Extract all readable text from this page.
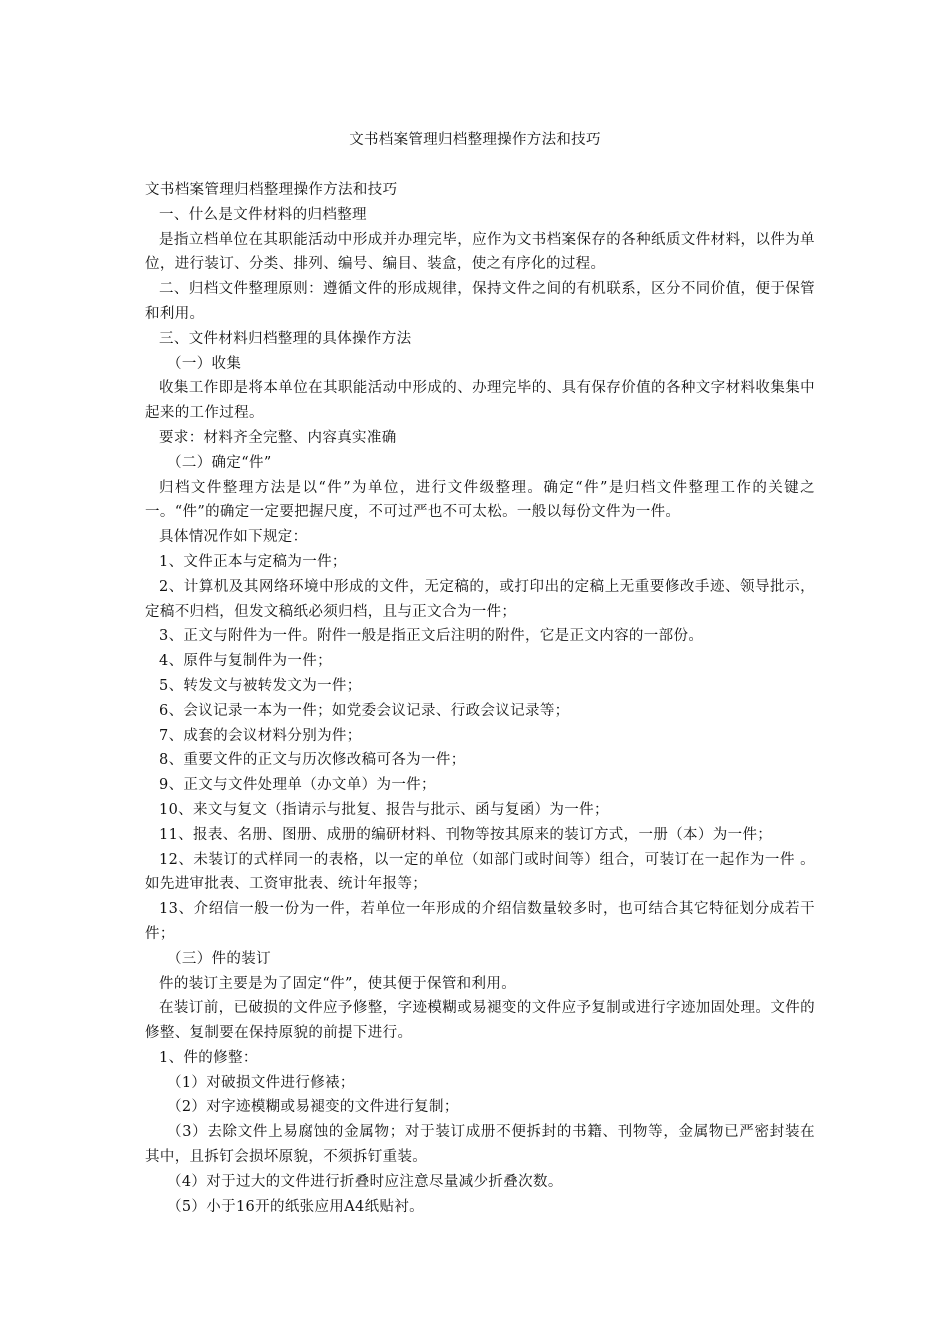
文书档案管理归档整理操作方法和技巧

文书档案管理归档整理操作方法和技巧

一、什么是文件材料的归档整理

是指立档单位在其职能活动中形成并办理完毕，应作为文书档案保存的各种纸质文件材料，以件为单位，进行装订、分类、排列、编号、编目、装盒，使之有序化的过程。

二、归档文件整理原则：遵循文件的形成规律，保持文件之间的有机联系，区分不同价值，便于保管和利用。

三、文件材料归档整理的具体操作方法

（一）收集

收集工作即是将本单位在其职能活动中形成的、办理完毕的、具有保存价值的各种文字材料收集集中起来的工作过程。

要求：材料齐全完整、内容真实准确

（二）确定“件”

归档文件整理方法是以“件”为单位，进行文件级整理。确定“件”是归档文件整理工作的关键之一。“件”的确定一定要把握尺度，不可过严也不可太松。一般以每份文件为一件。

具体情况作如下规定：

1、文件正本与定稿为一件；

2、计算机及其网络环境中形成的文件，无定稿的，或打印出的定稿上无重要修改手迹、领导批示，定稿不归档，但发文稿纸必须归档，且与正文合为一件；

3、正文与附件为一件。附件一般是指正文后注明的附件，它是正文内容的一部份。

4、原件与复制件为一件；

5、转发文与被转发文为一件；

6、会议记录一本为一件；如党委会议记录、行政会议记录等；

7、成套的会议材料分别为件；

8、重要文件的正文与历次修改稿可各为一件；

9、正文与文件处理单（办文单）为一件；

10、来文与复文（指请示与批复、报告与批示、函与复函）为一件；

11、报表、名册、图册、成册的编研材料、刊物等按其原来的装订方式，一册（本）为一件；

12、未装订的式样同一的表格，以一定的单位（如部门或时间等）组合，可装订在一起作为一件 。如先进审批表、工资审批表、统计年报等；

13、介绍信一般一份为一件，若单位一年形成的介绍信数量较多时，也可结合其它特征划分成若干件；

（三）件的装订

件的装订主要是为了固定“件”，使其便于保管和利用。

在装订前，已破损的文件应予修整，字迹模糊或易褪变的文件应予复制或进行字迹加固处理。文件的修整、复制要在保持原貌的前提下进行。

1、件的修整：

（1）对破损文件进行修裱；

（2）对字迹模糊或易褪变的文件进行复制；

（3）去除文件上易腐蚀的金属物；对于装订成册不便拆封的书籍、刊物等，金属物已严密封装在其中，且拆钉会损坏原貌，不须拆钉重装。

（4）对于过大的文件进行折叠时应注意尽量减少折叠次数。

（5）小于16开的纸张应用A4纸贴衬。
